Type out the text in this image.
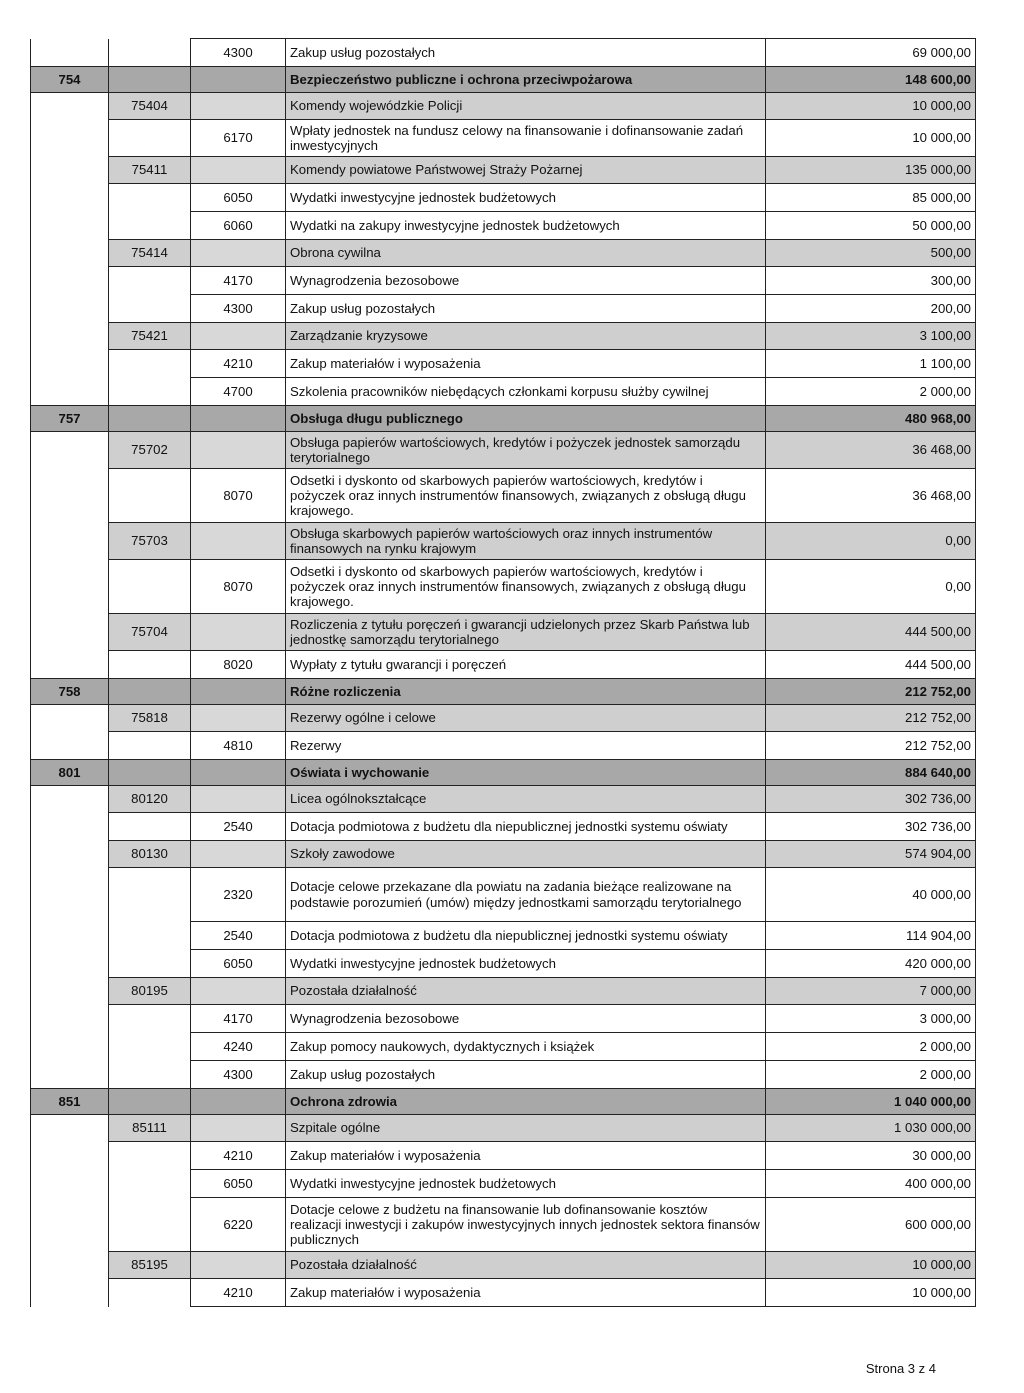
		4300	Zakup usług pozostałych	69 000,00
754			Bezpieczeństwo publiczne i ochrona przeciwpożarowa	148 600,00
	75404		Komendy wojewódzkie Policji	10 000,00
		6170	Wpłaty jednostek na fundusz celowy na finansowanie i dofinansowanie zadań inwestycyjnych	10 000,00
	75411		Komendy powiatowe Państwowej Straży Pożarnej	135 000,00
		6050	Wydatki inwestycyjne jednostek budżetowych	85 000,00
		6060	Wydatki na zakupy inwestycyjne jednostek budżetowych	50 000,00
	75414		Obrona cywilna	500,00
		4170	Wynagrodzenia bezosobowe	300,00
		4300	Zakup usług pozostałych	200,00
	75421		Zarządzanie kryzysowe	3 100,00
		4210	Zakup materiałów i wyposażenia	1 100,00
		4700	Szkolenia pracowników niebędących członkami korpusu służby cywilnej	2 000,00
757			Obsługa długu publicznego	480 968,00
	75702		Obsługa papierów wartościowych, kredytów i pożyczek jednostek samorządu terytorialnego	36 468,00
		8070	Odsetki i dyskonto od skarbowych papierów wartościowych, kredytów i pożyczek oraz innych instrumentów finansowych, związanych z obsługą długu krajowego.	36 468,00
	75703		Obsługa skarbowych papierów wartościowych oraz innych instrumentów finansowych na rynku krajowym	0,00
		8070	Odsetki i dyskonto od skarbowych papierów wartościowych, kredytów i pożyczek oraz innych instrumentów finansowych, związanych z obsługą długu krajowego.	0,00
	75704		Rozliczenia z tytułu poręczeń i gwarancji udzielonych przez Skarb Państwa lub jednostkę samorządu terytorialnego	444 500,00
		8020	Wypłaty z tytułu gwarancji i poręczeń	444 500,00
758			Różne rozliczenia	212 752,00
	75818		Rezerwy ogólne i celowe	212 752,00
		4810	Rezerwy	212 752,00
801			Oświata i wychowanie	884 640,00
	80120		Licea ogólnokształcące	302 736,00
		2540	Dotacja podmiotowa z budżetu dla niepublicznej jednostki systemu oświaty	302 736,00
	80130		Szkoły zawodowe	574 904,00
		2320	Dotacje celowe przekazane dla powiatu na zadania bieżące realizowane na podstawie porozumień (umów) między jednostkami samorządu terytorialnego	40 000,00
		2540	Dotacja podmiotowa z budżetu dla niepublicznej jednostki systemu oświaty	114 904,00
		6050	Wydatki inwestycyjne jednostek budżetowych	420 000,00
	80195		Pozostała działalność	7 000,00
		4170	Wynagrodzenia bezosobowe	3 000,00
		4240	Zakup pomocy naukowych, dydaktycznych i książek	2 000,00
		4300	Zakup usług pozostałych	2 000,00
851			Ochrona zdrowia	1 040 000,00
	85111		Szpitale ogólne	1 030 000,00
		4210	Zakup materiałów i wyposażenia	30 000,00
		6050	Wydatki inwestycyjne jednostek budżetowych	400 000,00
		6220	Dotacje celowe z budżetu na finansowanie lub dofinansowanie kosztów realizacji inwestycji i zakupów inwestycyjnych innych jednostek sektora finansów publicznych	600 000,00
	85195		Pozostała działalność	10 000,00
		4210	Zakup materiałów i wyposażenia	10 000,00
Strona 3 z 4
